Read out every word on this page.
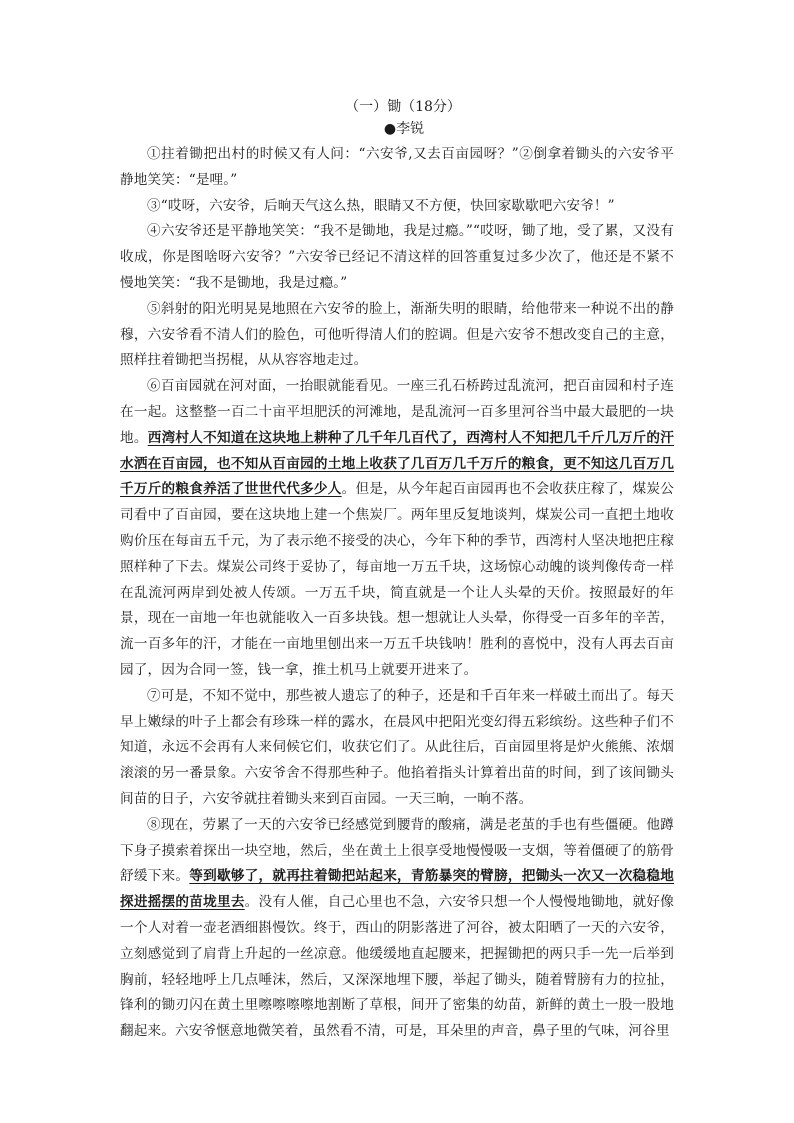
（一）锄（18分）

●李锐

①拄着锄把出村的时候又有人问：“六安爷,又去百亩园呀？”②倒拿着锄头的六安爷平静地笑笑：“是哩。”

③“哎呀，六安爷，后晌天气这么热，眼睛又不方便，快回家歇歇吧六安爷！”

④六安爷还是平静地笑笑：“我不是锄地，我是过瘾。”“哎呀，锄了地，受了累，又没有收成，你是图啥呀六安爷？”六安爷已经记不清这样的回答重复过多少次了，他还是不紧不慢地笑笑：“我不是锄地，我是过瘾。”

⑤斜射的阳光明晃晃地照在六安爷的脸上，渐渐失明的眼睛，给他带来一种说不出的静穆，六安爷看不清人们的脸色，可他听得清人们的腔调。但是六安爷不想改变自己的主意，照样拄着锄把当拐棍，从从容容地走过。

⑥百亩园就在河对面，一抬眼就能看见。一座三孔石桥跨过乱流河，把百亩园和村子连在一起。这整整一百二十亩平坦肥沃的河滩地，是乱流河一百多里河谷当中最大最肥的一块地。西湾村人不知道在这块地上耕种了几千年几百代了，西湾村人不知把几千斤几万斤的汗水洒在百亩园，也不知从百亩园的土地上收获了几百万几千万斤的粮食，更不知这几百万几千万斤的粮食养活了世世代代多少人。但是，从今年起百亩园再也不会收获庄稼了，煤炭公司看中了百亩园，要在这块地上建一个焦炭厂。两年里反复地谈判，煤炭公司一直把土地收购价压在每亩五千元，为了表示绝不接受的决心，今年下种的季节，西湾村人坚决地把庄稼照样种了下去。煤炭公司终于妥协了，每亩地一万五千块，这场惊心动魄的谈判像传奇一样在乱流河两岸到处被人传颂。一万五千块，简直就是一个让人头晕的天价。按照最好的年景，现在一亩地一年也就能收入一百多块钱。想一想就让人头晕，你得受一百多年的辛苦，流一百多年的汗，才能在一亩地里刨出来一万五千块钱呐！胜利的喜悦中，没有人再去百亩园了，因为合同一签，钱一拿，推土机马上就要开进来了。

⑦可是，不知不觉中，那些被人遗忘了的种子，还是和千百年来一样破土而出了。每天早上嫩绿的叶子上都会有珍珠一样的露水，在晨风中把阳光变幻得五彩缤纷。这些种子们不知道，永远不会再有人来伺候它们，收获它们了。从此往后，百亩园里将是炉火熊熊、浓烟滚滚的另一番景象。六安爷舍不得那些种子。他掐着指头计算着出苗的时间，到了该间锄头间苗的日子，六安爷就拄着锄头来到百亩园。一天三晌，一晌不落。

⑧现在，劳累了一天的六安爷已经感觉到腰背的酸痛，满是老茧的手也有些僵硬。他蹲下身子摸索着探出一块空地，然后，坐在黄土上很享受地慢慢吸一支烟，等着僵硬了的筋骨舒缓下来。等到歇够了，就再拄着锄把站起来，青筋暴突的臂膀，把锄头一次又一次稳稳地探进摇摆的苗垅里去。没有人催，自己心里也不急，六安爷只想一个人慢慢地锄地，就好像一个人对着一壶老酒细斟慢饮。终于，西山的阴影落进了河谷，被太阳晒了一天的六安爷，立刻感觉到了肩背上升起的一丝凉意。他缓缓地直起腰来，把握锄把的两只手一先一后举到胸前，轻轻地呼上几点唾沫，然后，又深深地埋下腰，举起了锄头，随着臂膀有力的拉扯，锋利的锄刃闪在黄土里嚓嚓嚓嚓地割断了草根，间开了密集的幼苗，新鲜的黄土一股一股地翻起来。六安爷惬意地微笑着，虽然看不清，可是，耳朵里的声音，鼻子里的气味，河谷里
